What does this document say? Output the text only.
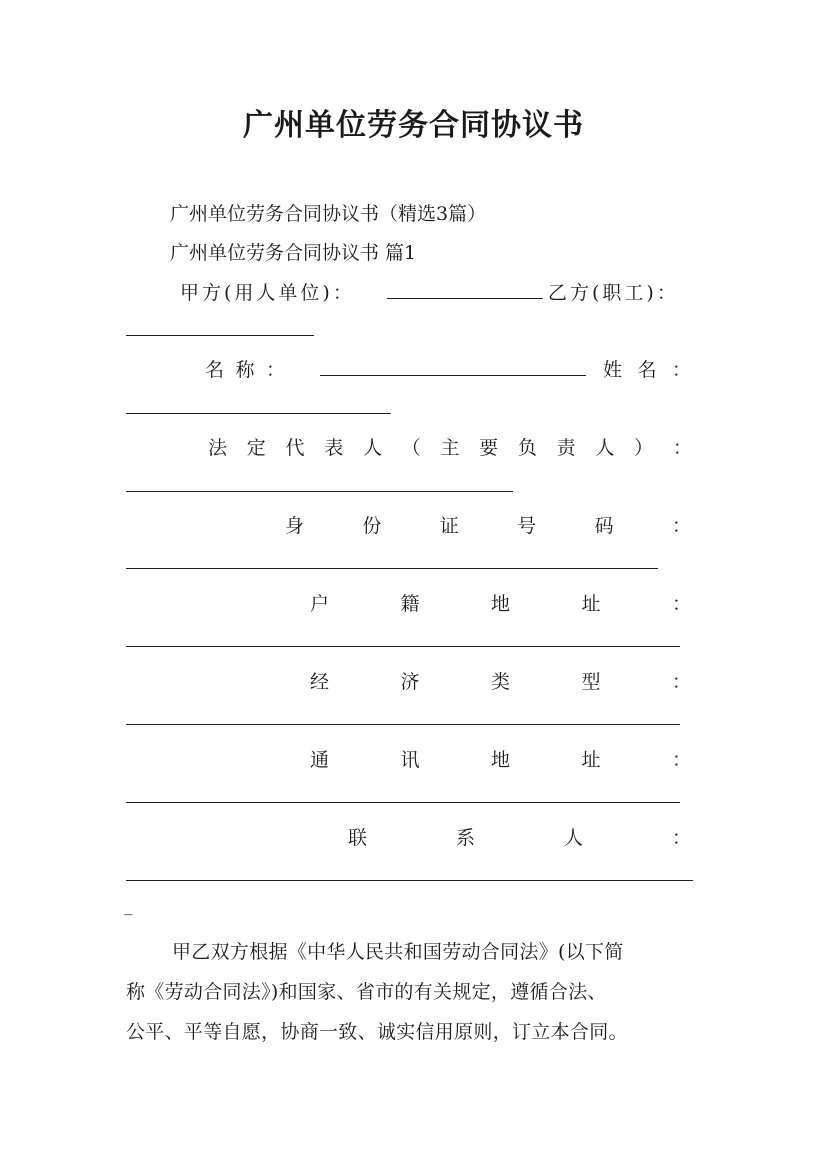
广州单位劳务合同协议书
广州单位劳务合同协议书（精选3篇）
广州单位劳务合同协议书 篇1
甲方(用人单位)：	乙方(职工)：
名 称 ：	姓 名 ：
法 定 代 表 人 （ 主 要 负 责 人 ） ：
身	份	证	号	码	：
户	籍	地	址	：
经	济	类	型	：
通	讯	地	址	：
联	系	人	：
_
甲乙双方根据《中华人民共和国劳动合同法》(以下简
称《劳动合同法》)和国家、省市的有关规定，遵循合法、
公平、平等自愿，协商一致、诚实信用原则，订立本合同。
